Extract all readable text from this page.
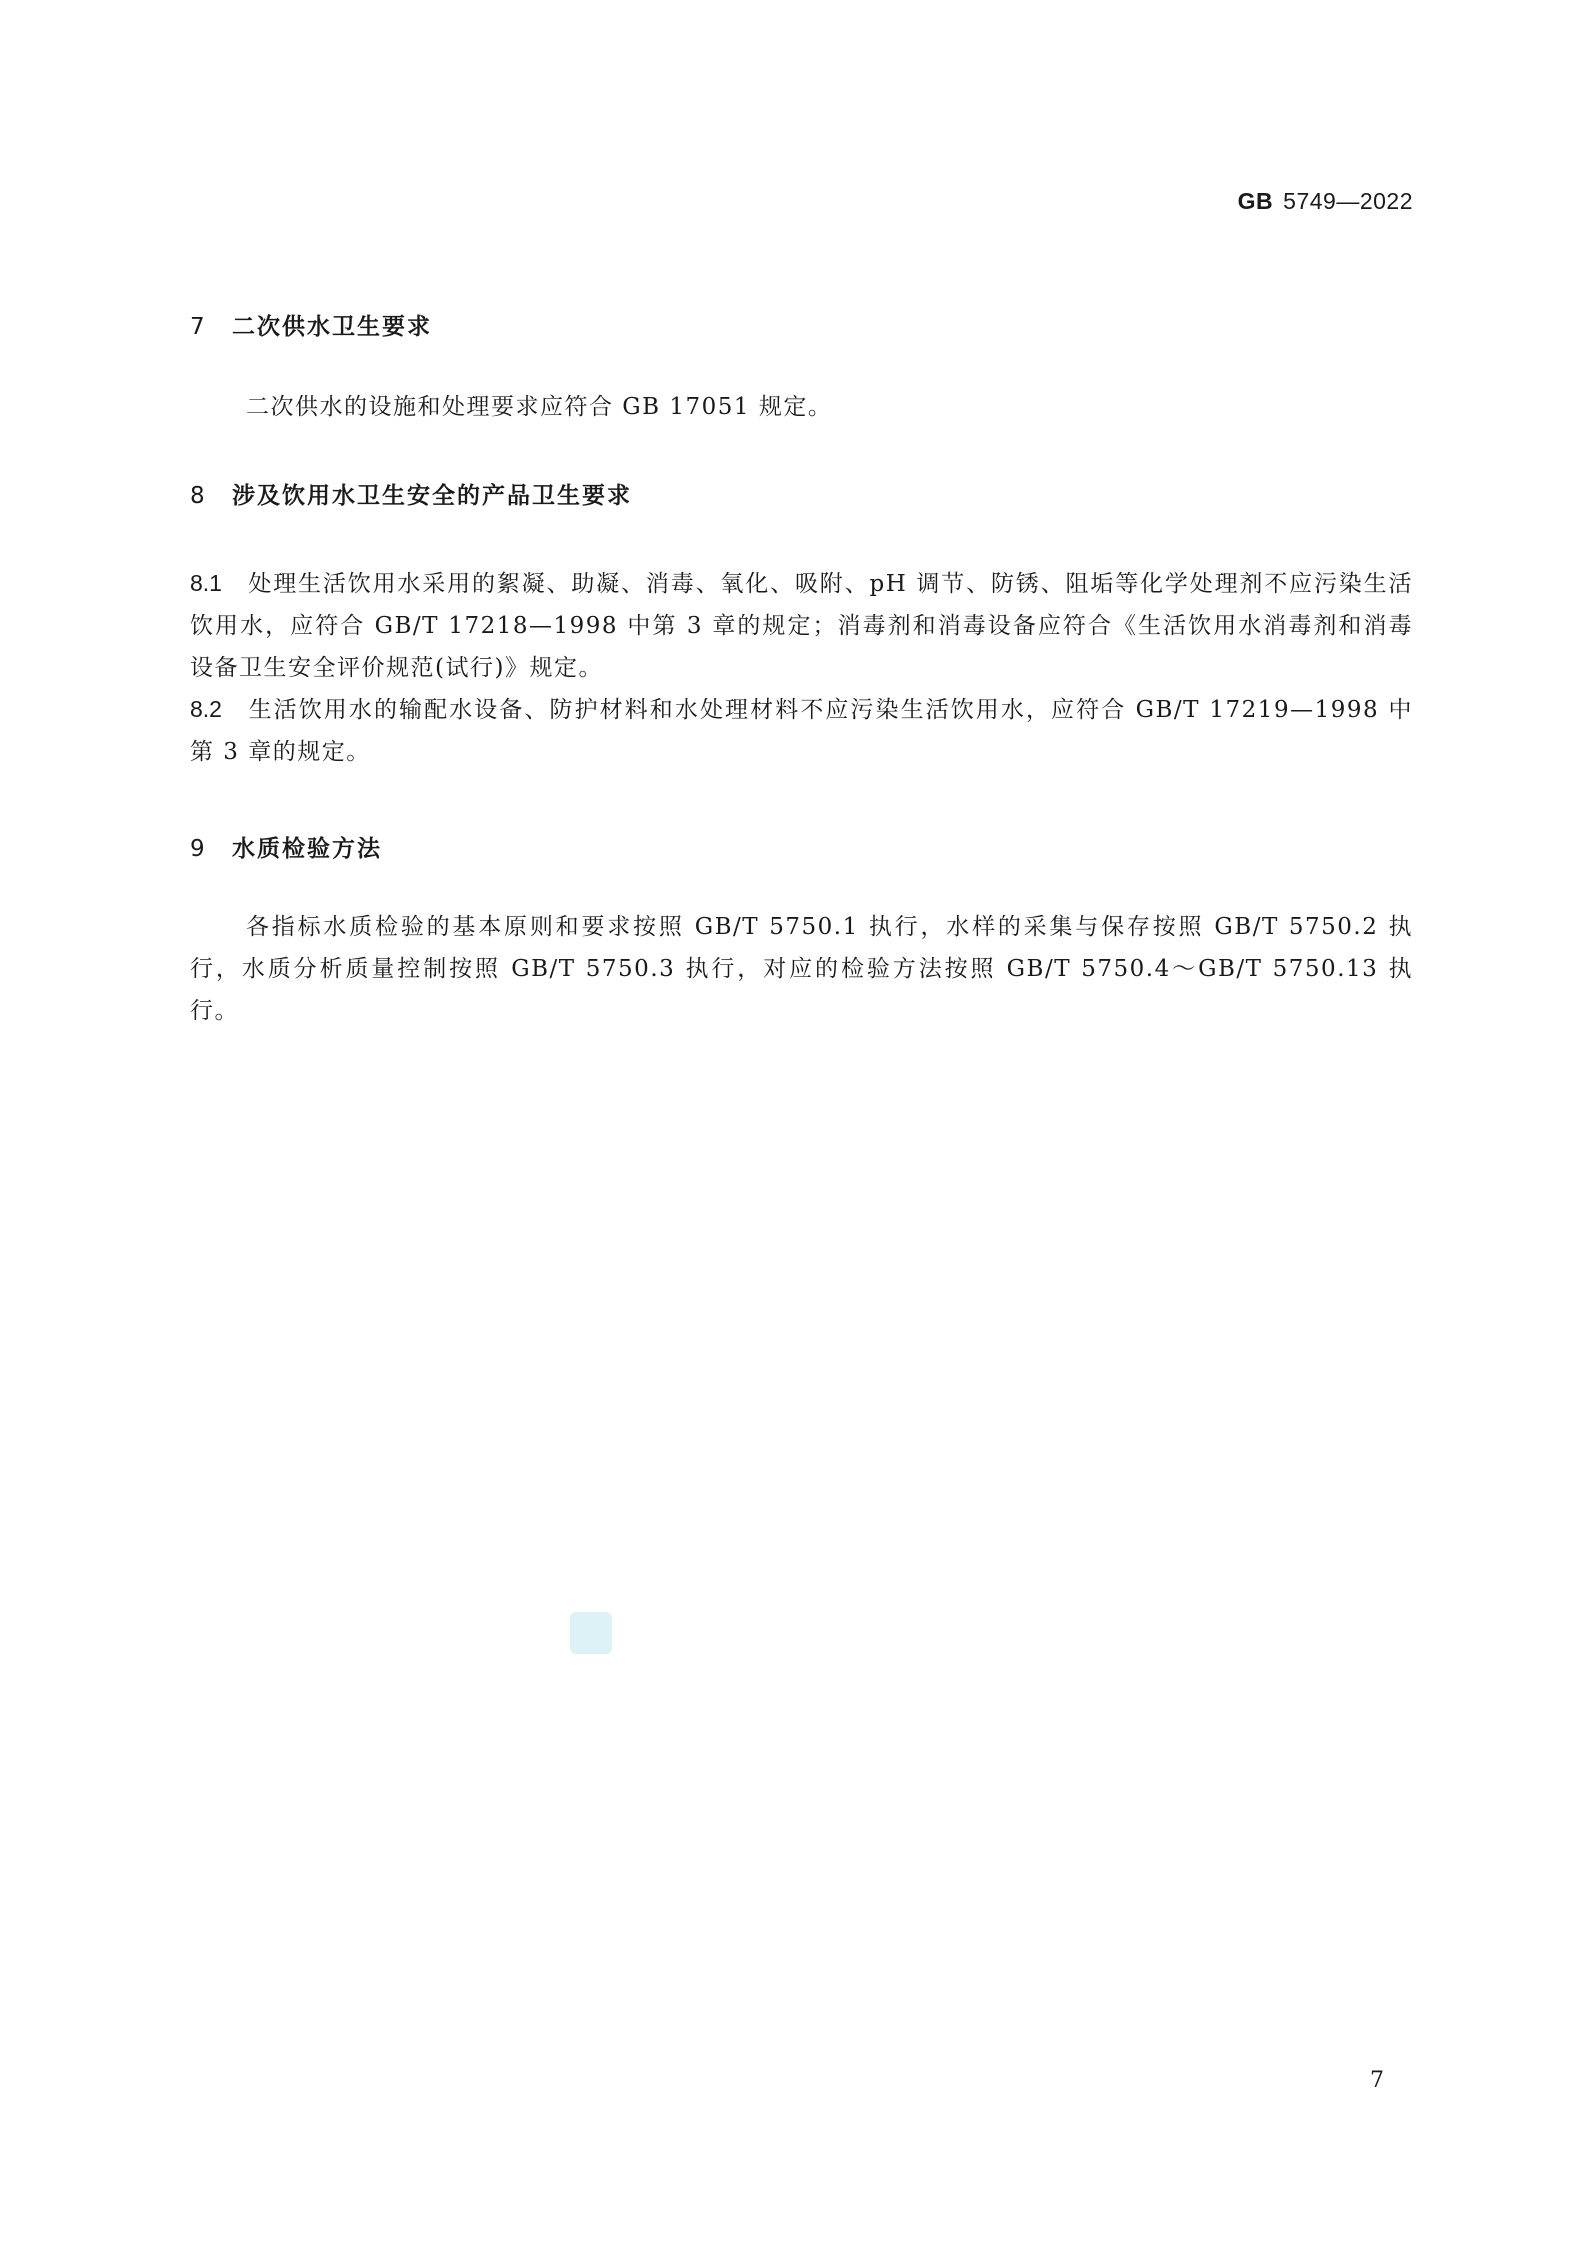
GB 5749—2022
7 二次供水卫生要求
二次供水的设施和处理要求应符合 GB 17051 规定。
8 涉及饮用水卫生安全的产品卫生要求
8.1 处理生活饮用水采用的絮凝、助凝、消毒、氧化、吸附、pH 调节、防锈、阻垢等化学处理剂不应污染生活饮用水，应符合 GB/T 17218—1998 中第 3 章的规定；消毒剂和消毒设备应符合《生活饮用水消毒剂和消毒设备卫生安全评价规范(试行)》规定。
8.2 生活饮用水的输配水设备、防护材料和水处理材料不应污染生活饮用水，应符合 GB/T 17219—1998 中第 3 章的规定。
9 水质检验方法
各指标水质检验的基本原则和要求按照 GB/T 5750.1 执行，水样的采集与保存按照 GB/T 5750.2 执行，水质分析质量控制按照 GB/T 5750.3 执行，对应的检验方法按照 GB/T 5750.4～GB/T 5750.13 执行。
7
